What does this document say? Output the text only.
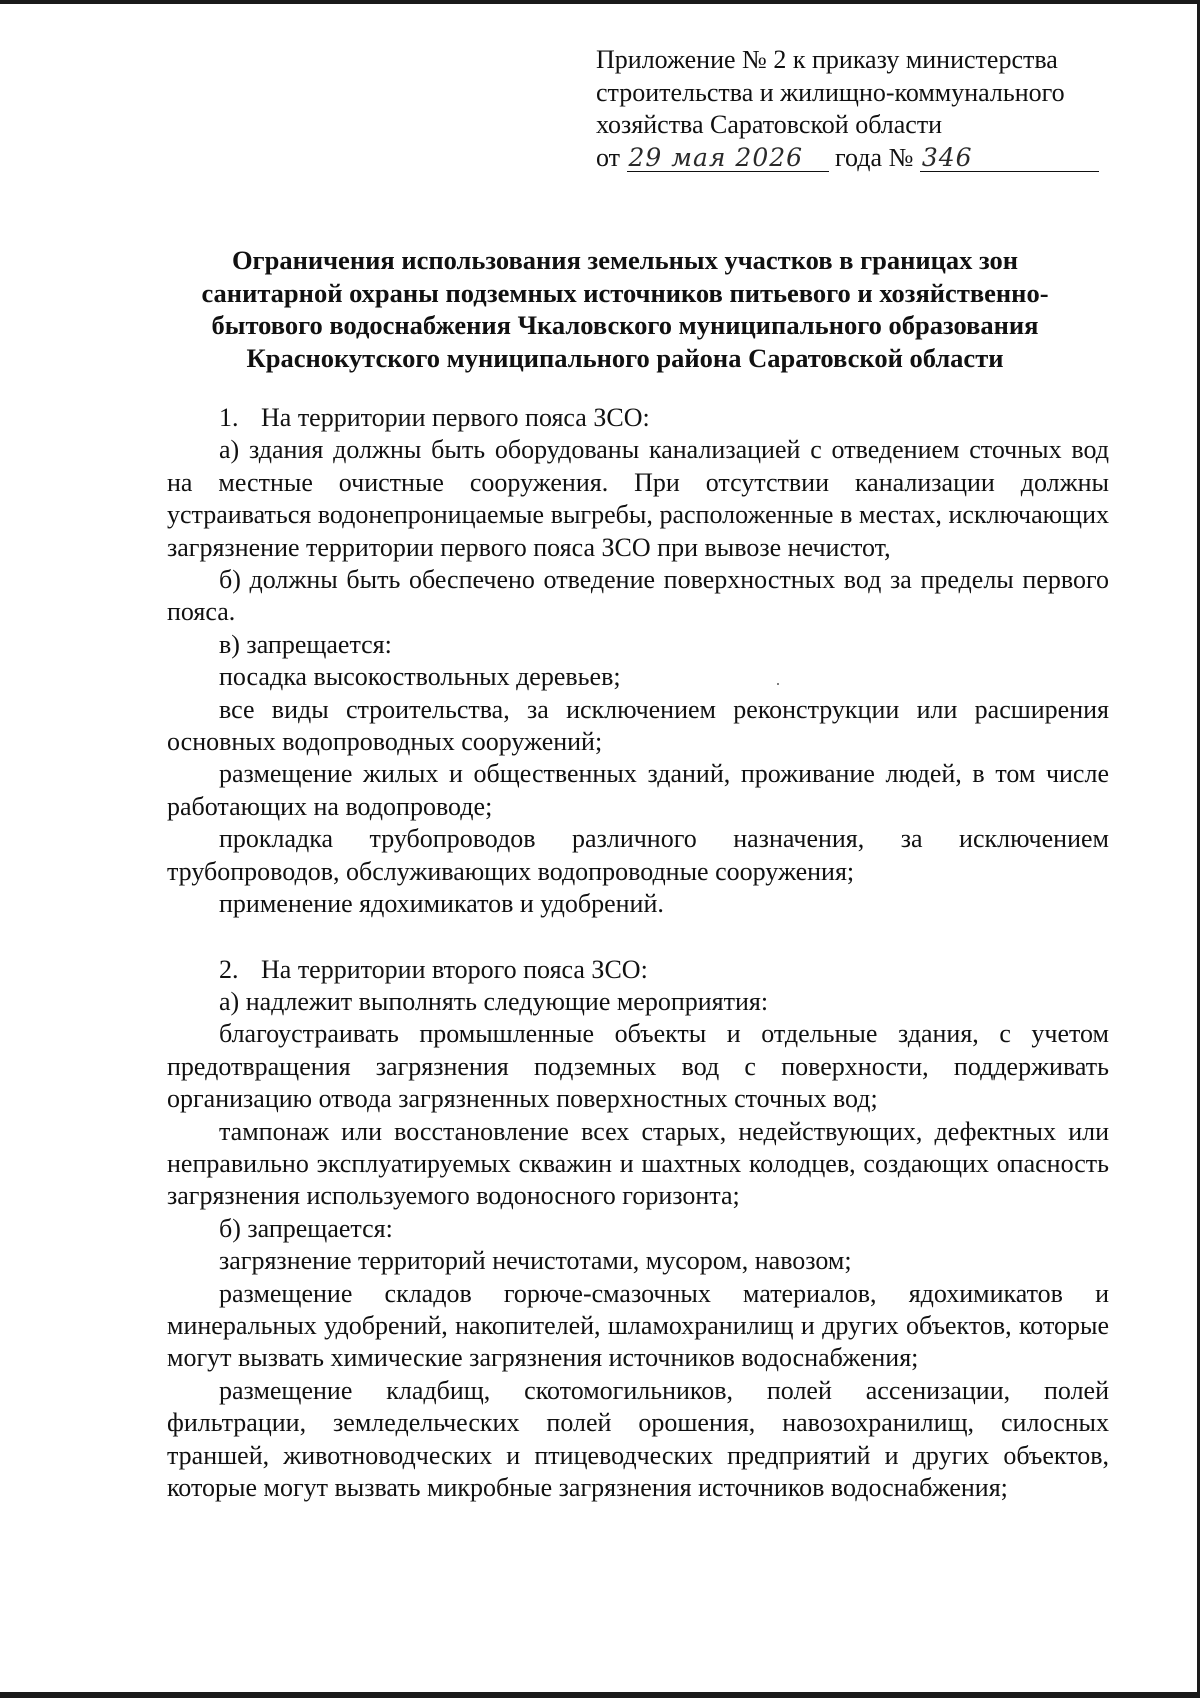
Приложение № 2 к приказу министерства
строительства и жилищно-коммунального
хозяйства Саратовской области
от 29 мая 2026 года № 346
Ограничения использования земельных участков в границах зон
санитарной охраны подземных источников питьевого и хозяйственно-
бытового водоснабжения Чкаловского муниципального образования
Краснокутского муниципального района Саратовской области

1. На территории первого пояса ЗСО:

а) здания должны быть оборудованы канализацией с отведением сточных вод на местные очистные сооружения. При отсутствии канализации должны устраиваться водонепроницаемые выгребы, расположенные в местах, исключающих загрязнение территории первого пояса ЗСО при вывозе нечистот,

б) должны быть обеспечено отведение поверхностных вод за пределы первого пояса.

в) запрещается:

посадка высокоствольных деревьев;

все виды строительства, за исключением реконструкции или расширения основных водопроводных сооружений;

размещение жилых и общественных зданий, проживание людей, в том числе работающих на водопроводе;

прокладка трубопроводов различного назначения, за исключением трубопроводов, обслуживающих водопроводные сооружения;

применение ядохимикатов и удобрений.

2. На территории второго пояса ЗСО:

а) надлежит выполнять следующие мероприятия:

благоустраивать промышленные объекты и отдельные здания, с учетом предотвращения загрязнения подземных вод с поверхности, поддерживать организацию отвода загрязненных поверхностных сточных вод;

тампонаж или восстановление всех старых, недействующих, дефектных или неправильно эксплуатируемых скважин и шахтных колодцев, создающих опасность загрязнения используемого водоносного горизонта;

б) запрещается:

загрязнение территорий нечистотами, мусором, навозом;

размещение складов горюче-смазочных материалов, ядохимикатов и минеральных удобрений, накопителей, шламохранилищ и других объектов, которые могут вызвать химические загрязнения источников водоснабжения;

размещение кладбищ, скотомогильников, полей ассенизации, полей фильтрации, земледельческих полей орошения, навозохранилищ, силосных траншей, животноводческих и птицеводческих предприятий и других объектов, которые могут вызвать микробные загрязнения источников водоснабжения;
